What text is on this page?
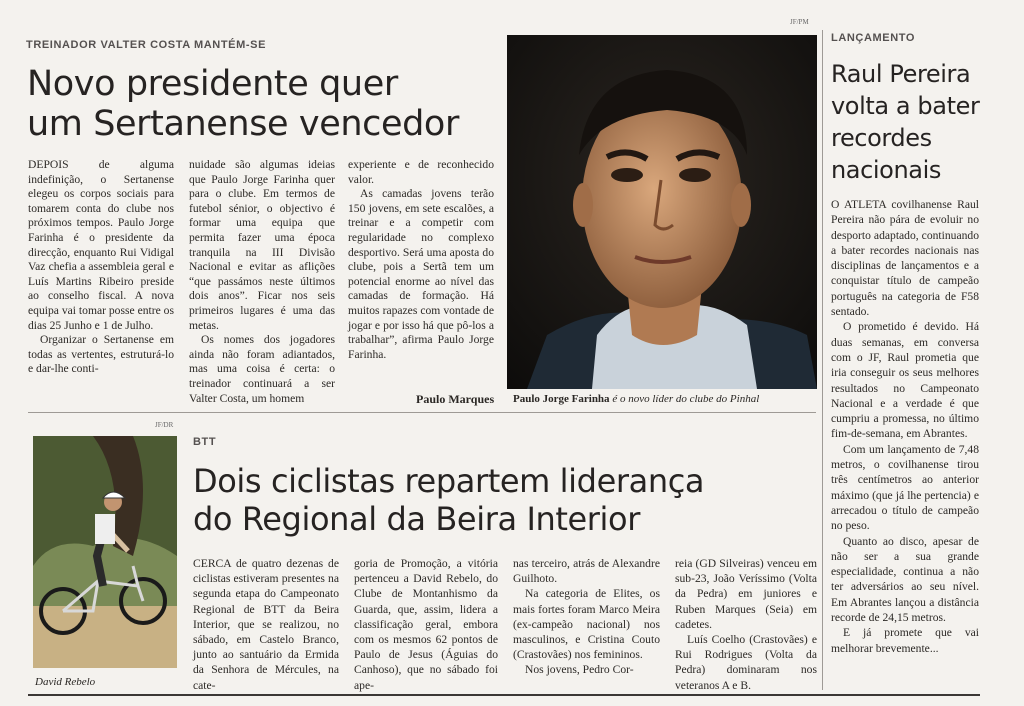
TREINADOR VALTER COSTA MANTÉM-SE
Novo presidente quer
um Sertanense vencedor

DEPOIS de alguma indefinição, o Sertanense elegeu os corpos sociais para tomarem conta do clube nos próximos tempos. Paulo Jorge Farinha é o presidente da direcção, enquanto Rui Vidigal Vaz chefia a assembleia geral e Luís Martins Ribeiro preside ao conselho fiscal. A nova equipa vai tomar posse entre os dias 25 Junho e 1 de Julho.

Organizar o Sertanense em todas as vertentes, estruturá-lo e dar-lhe conti-

nuidade são algumas ideias que Paulo Jorge Farinha quer para o clube. Em termos de futebol sénior, o objectivo é formar uma equipa que permita fazer uma época tranquila na III Divisão Nacional e evitar as aflições “que passámos neste últimos dois anos”. Ficar nos seis primeiros lugares é uma das metas.

Os nomes dos jogadores ainda não foram adiantados, mas uma coisa é certa: o treinador continuará a ser Valter Costa, um homem

experiente e de reconhecido valor.

As camadas jovens terão 150 jovens, em sete escalões, a treinar e a competir com regularidade no complexo desportivo. Será uma aposta do clube, pois a Sertã tem um potencial enorme ao nível das camadas de formação. Há muitos rapazes com vontade de jogar e por isso há que pô-los a trabalhar”, afirma Paulo Jorge Farinha.

Paulo Marques
JF/PM
Paulo Jorge Farinha é o novo líder do clube do Pinhal
LANÇAMENTO
Raul Pereira
volta a bater
recordes
nacionais

O ATLETA covilhanense Raul Pereira não pára de evoluir no desporto adaptado, continuando a bater recordes nacionais nas disciplinas de lançamentos e a conquistar título de campeão português na categoria de F58 sentado.

O prometido é devido. Há duas semanas, em conversa com o JF, Raul prometia que iria conseguir os seus melhores resultados no Campeonato Nacional e a verdade é que cumpriu a promessa, no último fim-de-semana, em Abrantes.

Com um lançamento de 7,48 metros, o covilhanense tirou três centímetros ao anterior máximo (que já lhe pertencia) e arrecadou o título de campeão no peso.

Quanto ao disco, apesar de não ser a sua grande especialidade, continua a não ter adversários ao seu nível. Em Abrantes lançou a distância recorde de 24,15 metros.

E já promete que vai melhorar brevemente...

JF/DR
David Rebelo
BTT
Dois ciclistas repartem liderança
do Regional da Beira Interior

CERCA de quatro dezenas de ciclistas estiveram presentes na segunda etapa do Campeonato Regional de BTT da Beira Interior, que se realizou, no sábado, em Castelo Branco, junto ao santuário da Ermida da Senhora de Mércules, na cate-

goria de Promoção, a vitória pertenceu a David Rebelo, do Clube de Montanhismo da Guarda, que, assim, lidera a classificação geral, embora com os mesmos 62 pontos de Paulo de Jesus (Águias do Canhoso), que no sábado foi ape-

nas terceiro, atrás de Alexandre Guilhoto.

Na categoria de Elites, os mais fortes foram Marco Meira (ex-campeão nacional) nos masculinos, e Cristina Couto (Crastovães) nos femininos.

Nos jovens, Pedro Cor-

reia (GD Silveiras) venceu em sub-23, João Veríssimo (Volta da Pedra) em juniores e Ruben Marques (Seia) em cadetes.

Luís Coelho (Crastovães) e Rui Rodrigues (Volta da Pedra) dominaram nos veteranos A e B.
